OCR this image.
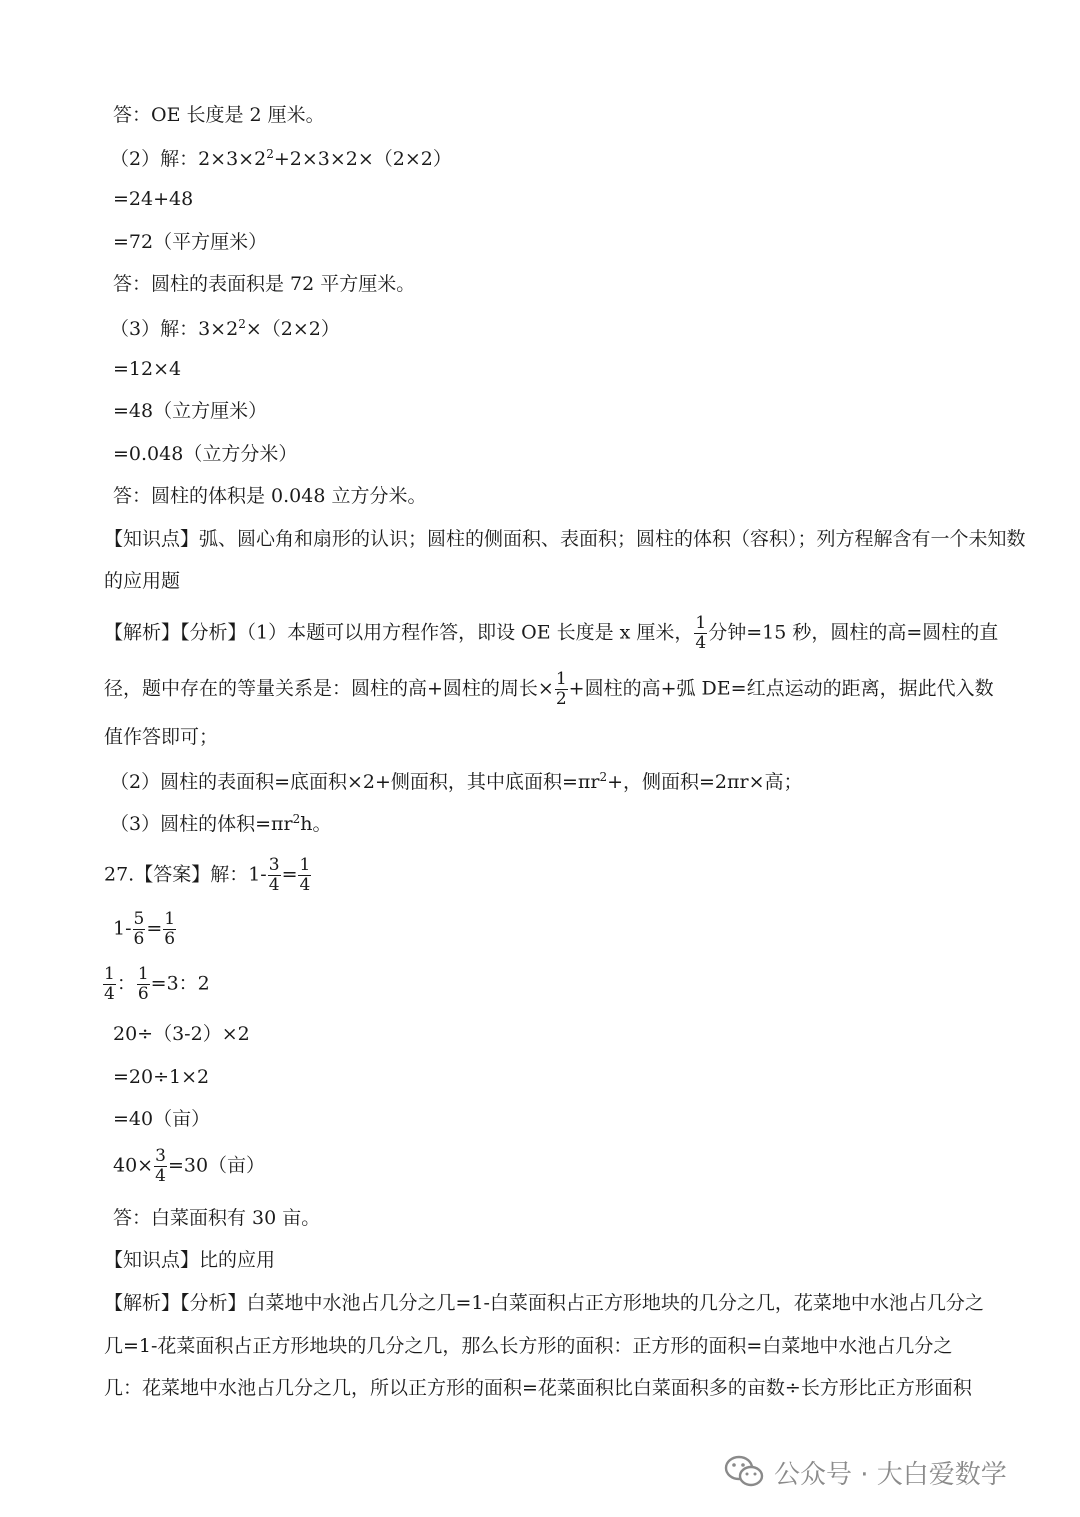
答：OE 长度是 2 厘米。
（2）解：$2\times 3\times 2^2+2\times 3\times 2\times(2\times 2)$
=24+48
=72（平方厘米）
答：圆柱的表面积是 72 平方厘米。
（3）解：$3\times 2^2\times(2\times 2)$
=12×4
=48（立方厘米）
=0.048（立方分米）
答：圆柱的体积是 0.048 立方分米。
【知识点】弧、圆心角和扇形的认识；圆柱的侧面积、表面积；圆柱的体积（容积）；列方程解含有一个未知数
的应用题
【解析】【分析】（1）本题可以用方程作答，即设 OE 长度是 x 厘米， $\frac{1}{4}$ 分钟=15 秒，圆柱的高=圆柱的直
径，题中存在的等量关系是：圆柱的高+圆柱的周长× $\frac{1}{2}$ +圆柱的高+弧 DE=红点运动的距离，据此代入数
值作答即可；
（2）圆柱的表面积=底面积×2+侧面积，其中底面积$=\pi r^2+$，侧面积=2πr×高；
（3）圆柱的体积$=\pi r^2h$。
27.【答案】解：$1- \frac{3}{4} = \frac{1}{4}$
$1- \frac{5}{6} = \frac{1}{6}$
$\frac{1}{4}$ ： $\frac{1}{6} =3$：2
20÷（3-2）×2
=20÷1×2
=40（亩）
$40\times \frac{3}{4} =30$（亩）
答：白菜面积有 30 亩。
【知识点】比的应用
【解析】【分析】白菜地中水池占几分之几=1-白菜面积占正方形地块的几分之几，花菜地中水池占几分之
几=1-花菜面积占正方形地块的几分之几，那么长方形的面积：正方形的面积=白菜地中水池占几分之
几：花菜地中水池占几分之几，所以正方形的面积=花菜面积比白菜面积多的亩数÷长方形比正方形面积
公众号 · 大白爱数学
